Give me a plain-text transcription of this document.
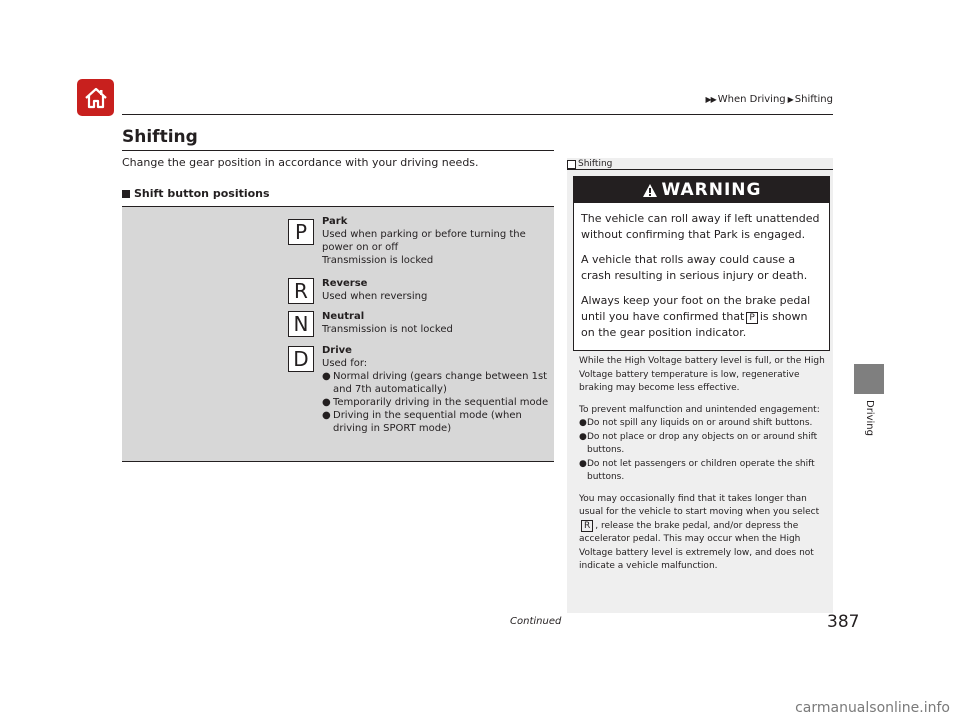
▶▶ When Driving ▶ Shifting
Shifting
Change the gear position in accordance with your driving needs.
Shift button positions
P	Park
Used when parking or before turning the power on or off
Transmission is locked
R	Reverse
Used when reversing
N	Neutral
Transmission is not locked
D	Drive
Used for:
● Normal driving (gears change between 1st and 7th automatically)
● Temporarily driving in the sequential mode
● Driving in the sequential mode (when driving in SPORT mode)	Driving
Shifting
WARNING

The vehicle can roll away if left unattended without confirming that Park is engaged.

A vehicle that rolls away could cause a crash resulting in serious injury or death.

Always keep your foot on the brake pedal until you have confirmed that P is shown on the gear position indicator.

While the High Voltage battery level is full, or the High Voltage battery temperature is low, regenerative braking may become less effective.

To prevent malfunction and unintended engagement:
● Do not spill any liquids on or around shift buttons.
● Do not place or drop any objects on or around shift buttons.
● Do not let passengers or children operate the shift buttons.

You may occasionally find that it takes longer than usual for the vehicle to start moving when you select R , release the brake pedal, and/or depress the accelerator pedal. This may occur when the High Voltage battery level is extremely low, and does not indicate a vehicle malfunction.

Continued	387
carmanualsonline.info
